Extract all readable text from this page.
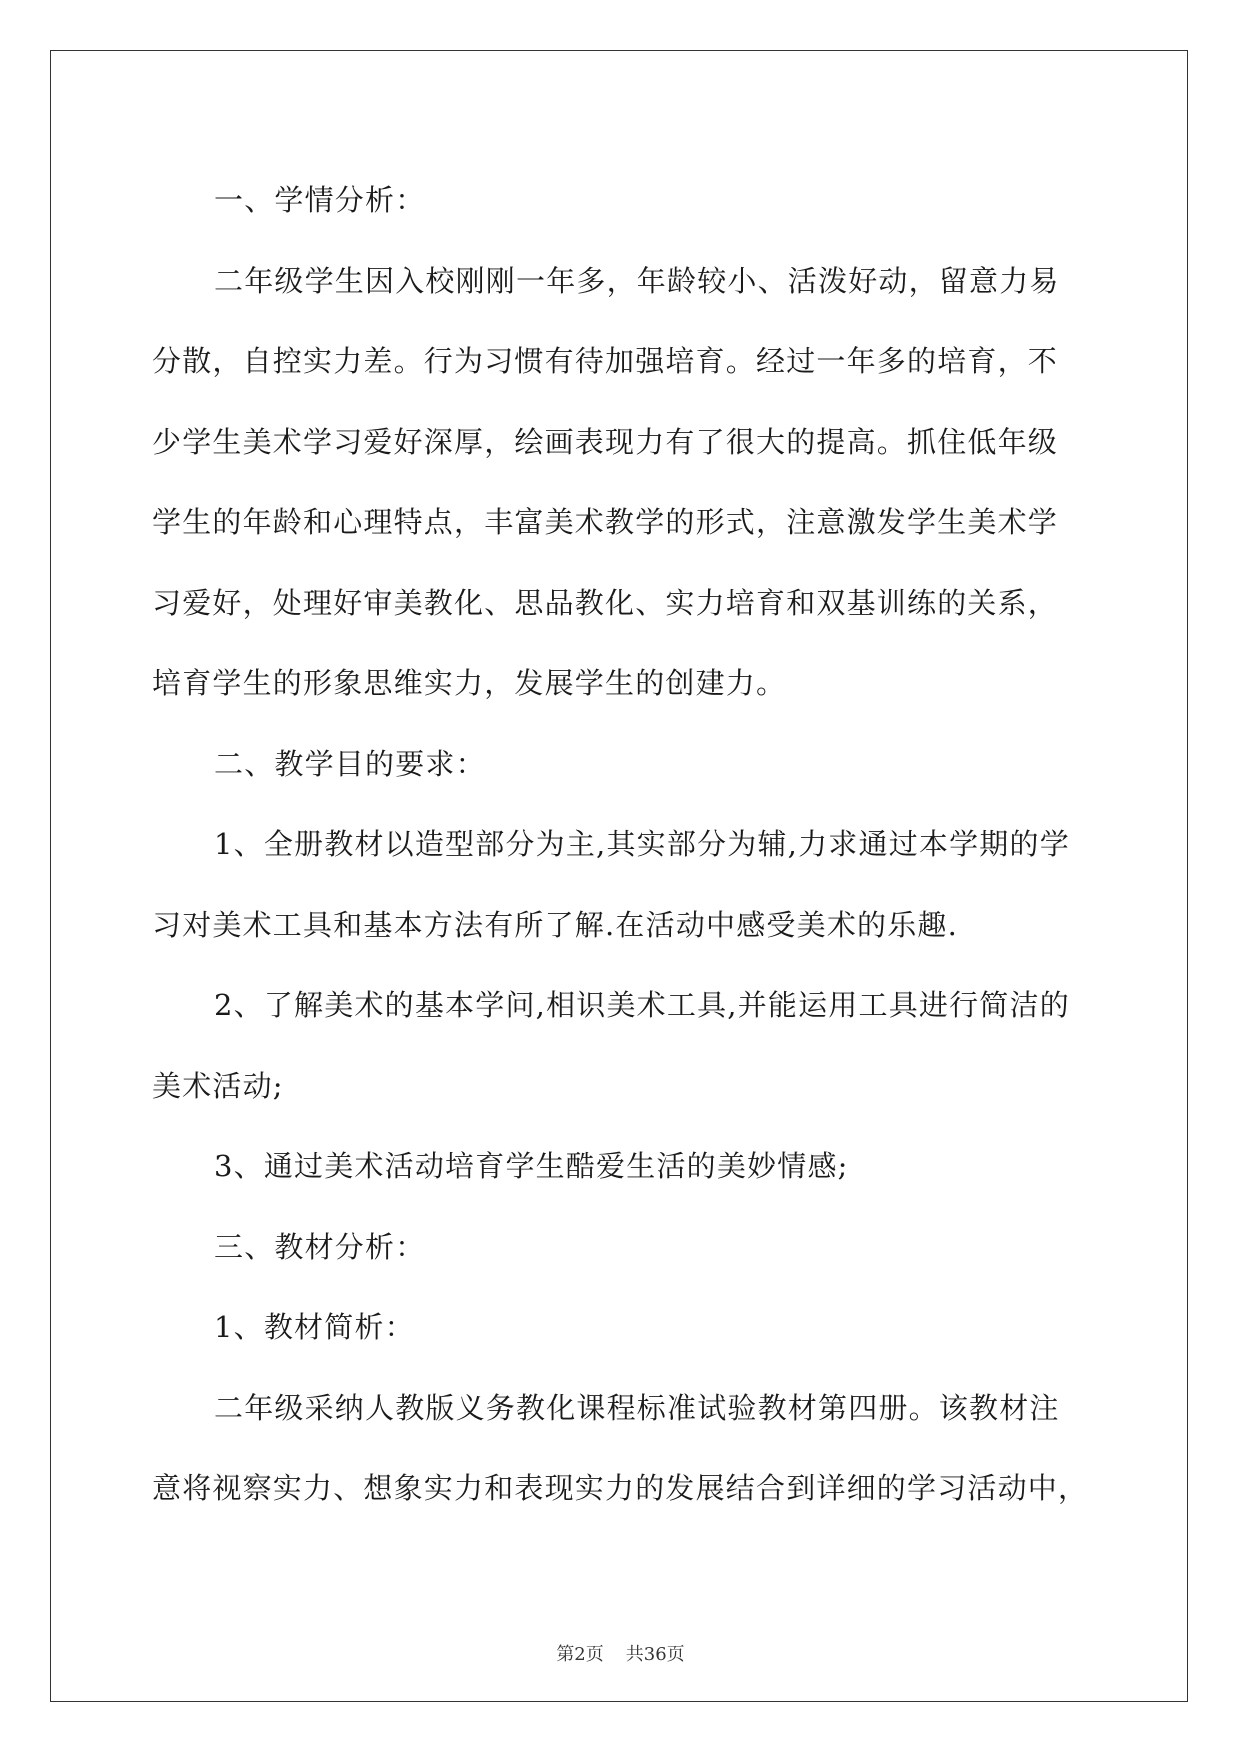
一、学情分析：
二年级学生因入校刚刚一年多，年龄较小、活泼好动，留意力易
分散，自控实力差。行为习惯有待加强培育。经过一年多的培育，不
少学生美术学习爱好深厚，绘画表现力有了很大的提高。抓住低年级
学生的年龄和心理特点，丰富美术教学的形式，注意激发学生美术学
习爱好，处理好审美教化、思品教化、实力培育和双基训练的关系，
培育学生的形象思维实力，发展学生的创建力。
二、教学目的要求：
1、全册教材以造型部分为主,其实部分为辅,力求通过本学期的学
习对美术工具和基本方法有所了解.在活动中感受美术的乐趣.
2、了解美术的基本学问,相识美术工具,并能运用工具进行简洁的
美术活动;
3、通过美术活动培育学生酷爱生活的美妙情感;
三、教材分析：
1、教材简析：
二年级采纳人教版义务教化课程标准试验教材第四册。该教材注
意将视察实力、想象实力和表现实力的发展结合到详细的学习活动中，
第2页 共36页
